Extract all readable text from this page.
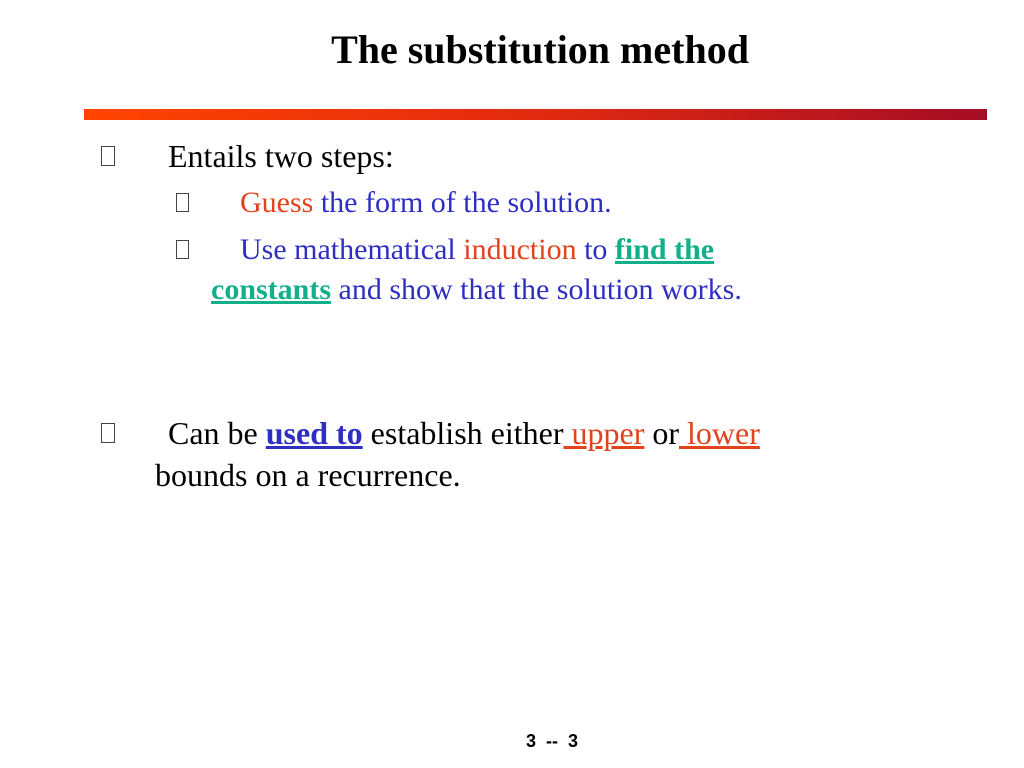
The substitution method
Entails two steps:
Guess the form of the solution.
Use mathematical induction to find the
constants and show that the solution works.
Can be used to establish either upper or lower
bounds on a recurrence.
3  --  3
